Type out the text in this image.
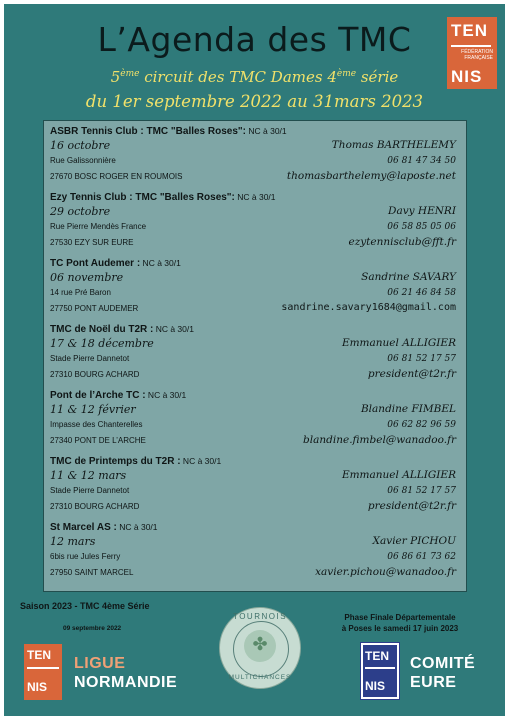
L’Agenda des TMC
5ème circuit des TMC Dames 4ème série
du 1er septembre 2022 au 31mars 2023
TEN
FÉDÉRATION FRANÇAISE
NIS
ASBR Tennis Club : TMC "Balles Roses": NC à 30/1
16 octobre
Rue Galissonnière
27670 BOSC ROGER EN ROUMOIS
Thomas BARTHELEMY
06 81 47 34 50
thomasbarthelemy@laposte.net
Ezy Tennis Club : TMC "Balles Roses": NC à 30/1
29 octobre
Rue Pierre Mendès France
27530 EZY SUR EURE
Davy HENRI
06 58 85 05 06
ezytennisclub@fft.fr
TC Pont Audemer : NC à 30/1
06 novembre
14 rue Pré Baron
27750 PONT AUDEMER
Sandrine SAVARY
06 21 46 84 58
sandrine.savary1684@gmail.com
TMC de Noël du T2R : NC à 30/1
17 & 18 décembre
Stade Pierre Dannetot
27310 BOURG ACHARD
Emmanuel ALLIGIER
06 81 52 17 57
president@t2r.fr
Pont de l’Arche TC : NC à 30/1
11 & 12 février
Impasse des Chanterelles
27340 PONT DE L’ARCHE
Blandine FIMBEL
06 62 82 96 59
blandine.fimbel@wanadoo.fr
TMC de Printemps du T2R : NC à 30/1
11 & 12 mars
Stade Pierre Dannetot
27310 BOURG ACHARD
Emmanuel ALLIGIER
06 81 52 17 57
president@t2r.fr
St Marcel AS : NC à 30/1
12 mars
6bis rue Jules Ferry
27950 SAINT MARCEL
Xavier PICHOU
06 86 61 73 62
xavier.pichou@wanadoo.fr
Saison 2023 - TMC 4ème Série
09 septembre 2022
Phase Finale Départementale
à Poses le samedi 17 juin 2023
TOURNOIS
✤
MULTICHANCES
TEN
NIS
LIGUE
NORMANDIE
TEN
NIS
COMITÉ
EURE
